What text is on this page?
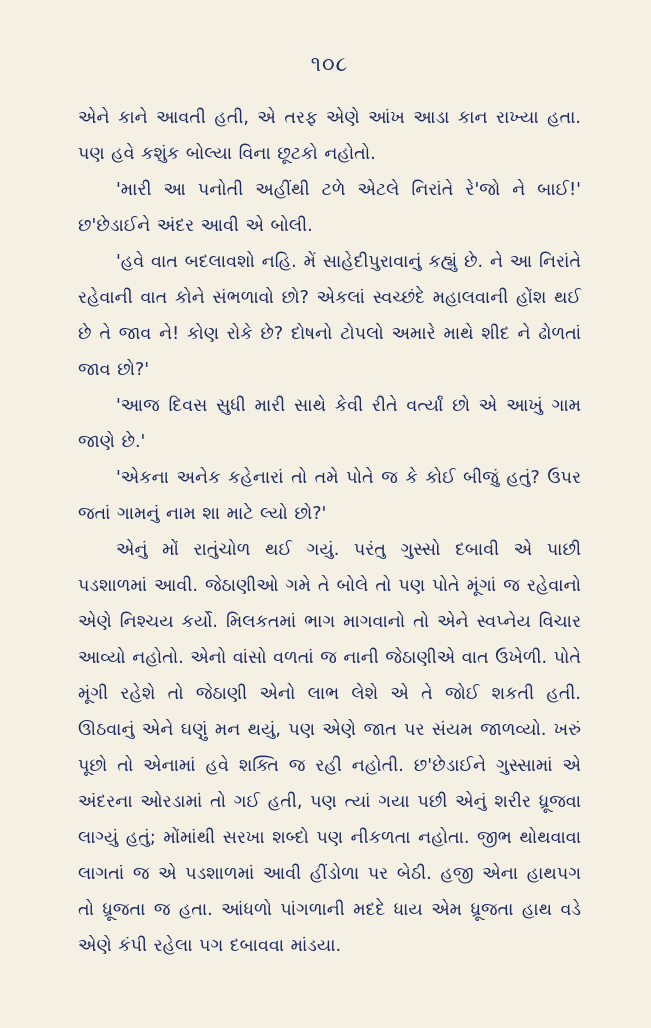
૧૦૮

એને કાને આવતી હતી, એ તરફ એણે આંખ આડા કાન રાખ્યા હતા. પણ હવે કશુંક બોલ્યા વિના છૂટકો નહોતો.

'મારી આ પનોતી અહીંથી ટળે એટલે નિરાંતે રે'જો ને બાઈ!' છ'છેડાઈને અંદર આવી એ બોલી.

'હવે વાત બદલાવશો નહિ. મેં સાહેદીપુરાવાનું કહ્યું છે. ને આ નિરાંતે રહેવાની વાત કોને સંભળાવો છો? એકલાં સ્વચ્છંદે મહાલવાની હોંશ થઈ છે તે જાવ ને! કોણ રોકે છે? દોષનો ટોપલો અમારે માથે શીદ ને ઢોળતાં જાવ છો?'

'આજ દિવસ સુધી મારી સાથે કેવી રીતે વર્ત્યાં છો એ આખું ગામ જાણે છે.'

'એકના અનેક કહેનારાં તો તમે પોતે જ કે કોઈ બીજું હતું? ઉપર જતાં ગામનું નામ શા માટે લ્યો છો?'

એનું મોં રાતુંચોળ થઈ ગયું. પરંતુ ગુસ્સો દબાવી એ પાછી પડશાળમાં આવી. જેઠાણીઓ ગમે તે બોલે તો પણ પોતે મૂંગાં જ રહેવાનો એણે નિશ્ચય કર્યો. મિલકતમાં ભાગ માગવાનો તો એને સ્વપ્નેય વિચાર આવ્યો નહોતો. એનો વાંસો વળતાં જ નાની જેઠાણીએ વાત ઉખેળી. પોતે મૂંગી રહેશે તો જેઠાણી એનો લાભ લેશે એ તે જોઈ શકતી હતી. ઊઠવાનું એને ઘણું મન થયું, પણ એણે જાત પર સંયમ જાળવ્યો. ખરું પૂછો તો એનામાં હવે શક્તિ જ રહી નહોતી. છ'છેડાઈને ગુસ્સામાં એ અંદરના ઓરડામાં તો ગઈ હતી, પણ ત્યાં ગયા પછી એનું શરીર ધ્રૂજવા લાગ્યું હતું; મોંમાંથી સરખા શબ્દો પણ નીકળતા નહોતા. જીભ થોથવાવા લાગતાં જ એ પડશાળમાં આવી હીંડોળા પર બેઠી. હજી એના હાથપગ તો ધ્રૂજતા જ હતા. આંધળો પાંગળાની મદદે ધાય એમ ધ્રૂજતા હાથ વડે એણે કંપી રહેલા પગ દબાવવા માંડયા.
